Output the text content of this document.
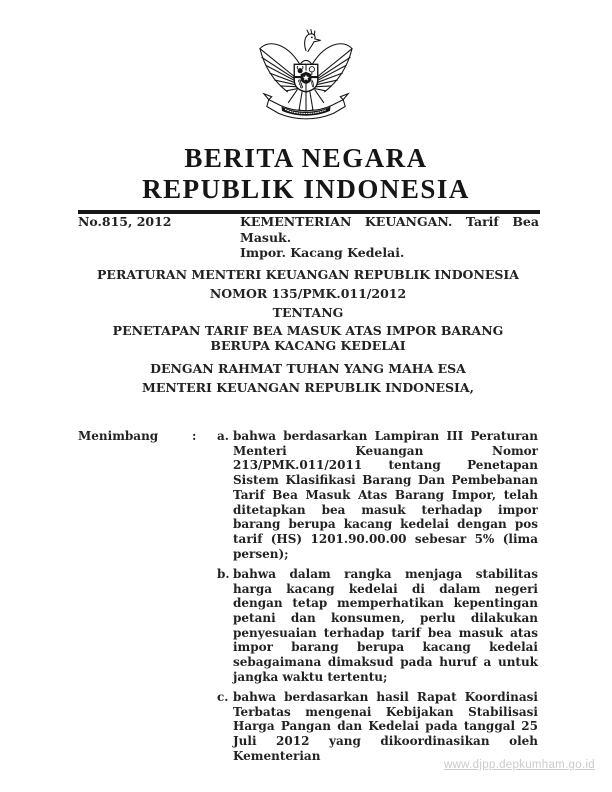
BERITA NEGARA
REPUBLIK INDONESIA
No.815, 2012	KEMENTERIAN KEUANGAN. Tarif Bea Masuk.
Impor. Kacang Kedelai.
PERATURAN MENTERI KEUANGAN REPUBLIK INDONESIA
NOMOR 135/PMK.011/2012
TENTANG
PENETAPAN TARIF BEA MASUK ATAS IMPOR BARANG
BERUPA KACANG KEDELAI
DENGAN RAHMAT TUHAN YANG MAHA ESA
MENTERI KEUANGAN REPUBLIK INDONESIA,
Menimbang	:	a. bahwa berdasarkan Lampiran III Peraturan Menteri Keuangan Nomor 213/PMK.011/2011 tentang Penetapan Sistem Klasifikasi Barang Dan Pembebanan Tarif Bea Masuk Atas Barang Impor, telah ditetapkan bea masuk terhadap impor barang berupa kacang kedelai dengan pos tarif (HS) 1201.90.00.00 sebesar 5% (lima persen);
b. bahwa dalam rangka menjaga stabilitas harga kacang kedelai di dalam negeri dengan tetap memperhatikan kepentingan petani dan konsumen, perlu dilakukan penyesuaian terhadap tarif bea masuk atas impor barang berupa kacang kedelai sebagaimana dimaksud pada huruf a untuk jangka waktu tertentu;
c. bahwa berdasarkan hasil Rapat Koordinasi Terbatas mengenai Kebijakan Stabilisasi Harga Pangan dan Kedelai pada tanggal 25 Juli 2012 yang dikoordinasikan oleh Kementerian
www.djpp.depkumham.go.id
